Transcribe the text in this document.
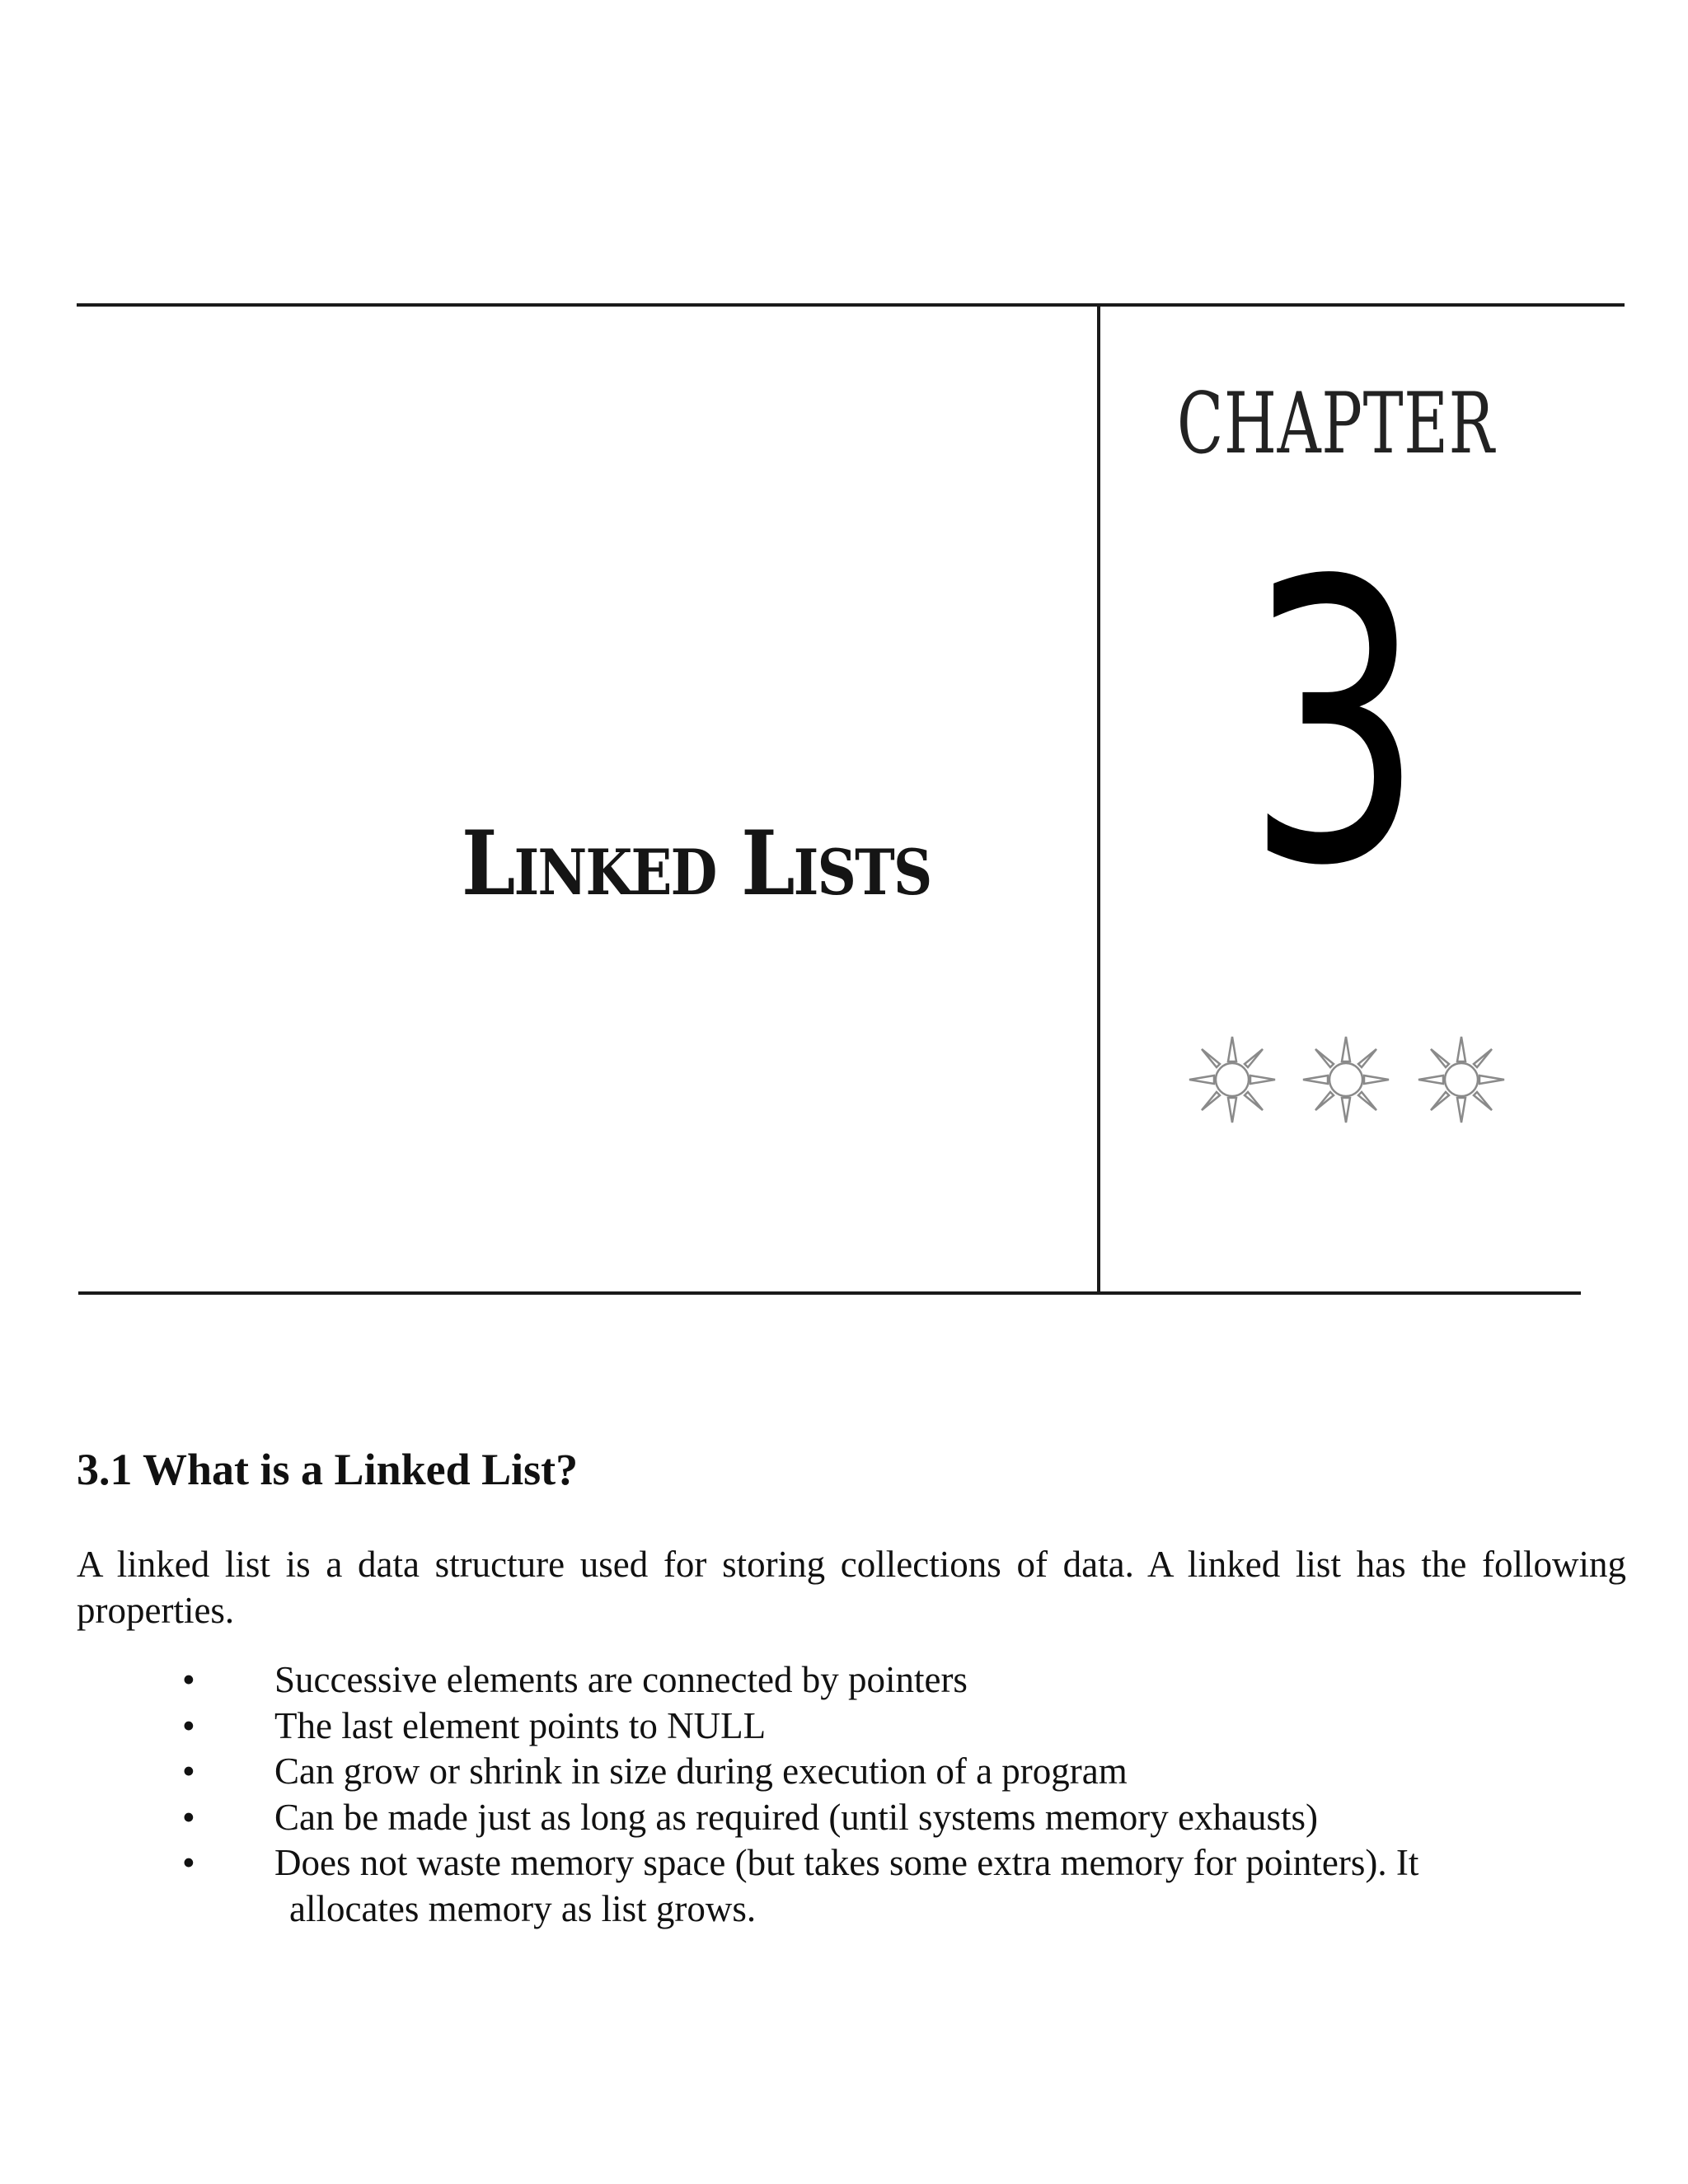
Linked Lists
CHAPTER
3
3.1 What is a Linked List?
A linked list is a data structure used for storing collections of data. A linked list has the following properties.
• Successive elements are connected by pointers
• The last element points to NULL
• Can grow or shrink in size during execution of a program
• Can be made just as long as required (until systems memory exhausts)
• Does not waste memory space (but takes some extra memory for pointers). It
allocates memory as list grows.
